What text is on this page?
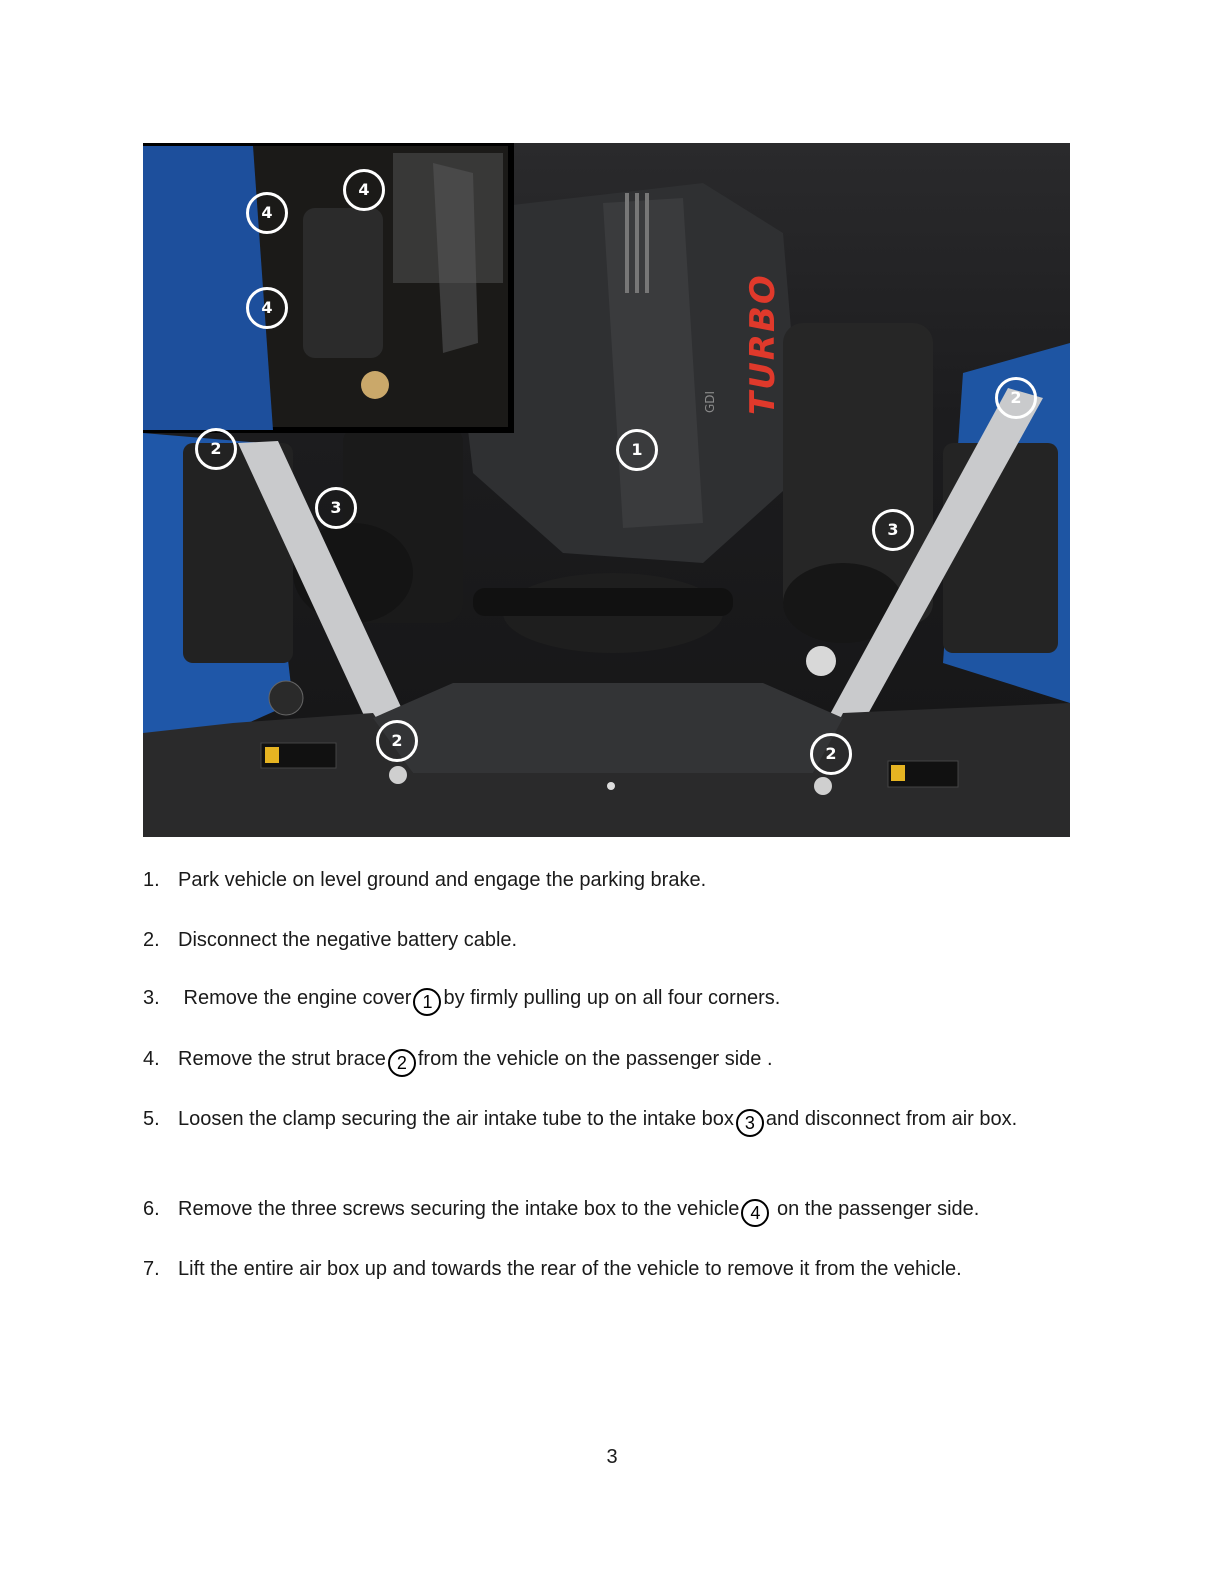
TURBO
GDI
4
4
4
1
2
2
2
2
3
3
1. Park vehicle on level ground and engage the parking brake.
2. Disconnect the negative battery cable.
3. Remove the engine cover 1 by firmly pulling up on all four corners.
4. Remove the strut brace 2 from the vehicle on the passenger side .
5. Loosen the clamp securing the air intake tube to the intake box 3 and disconnect from air box.
6. Remove the three screws securing the intake box to the vehicle 4 on the passenger side.
7. Lift the entire air box up and towards the rear of the vehicle to remove it from the vehicle.
3
